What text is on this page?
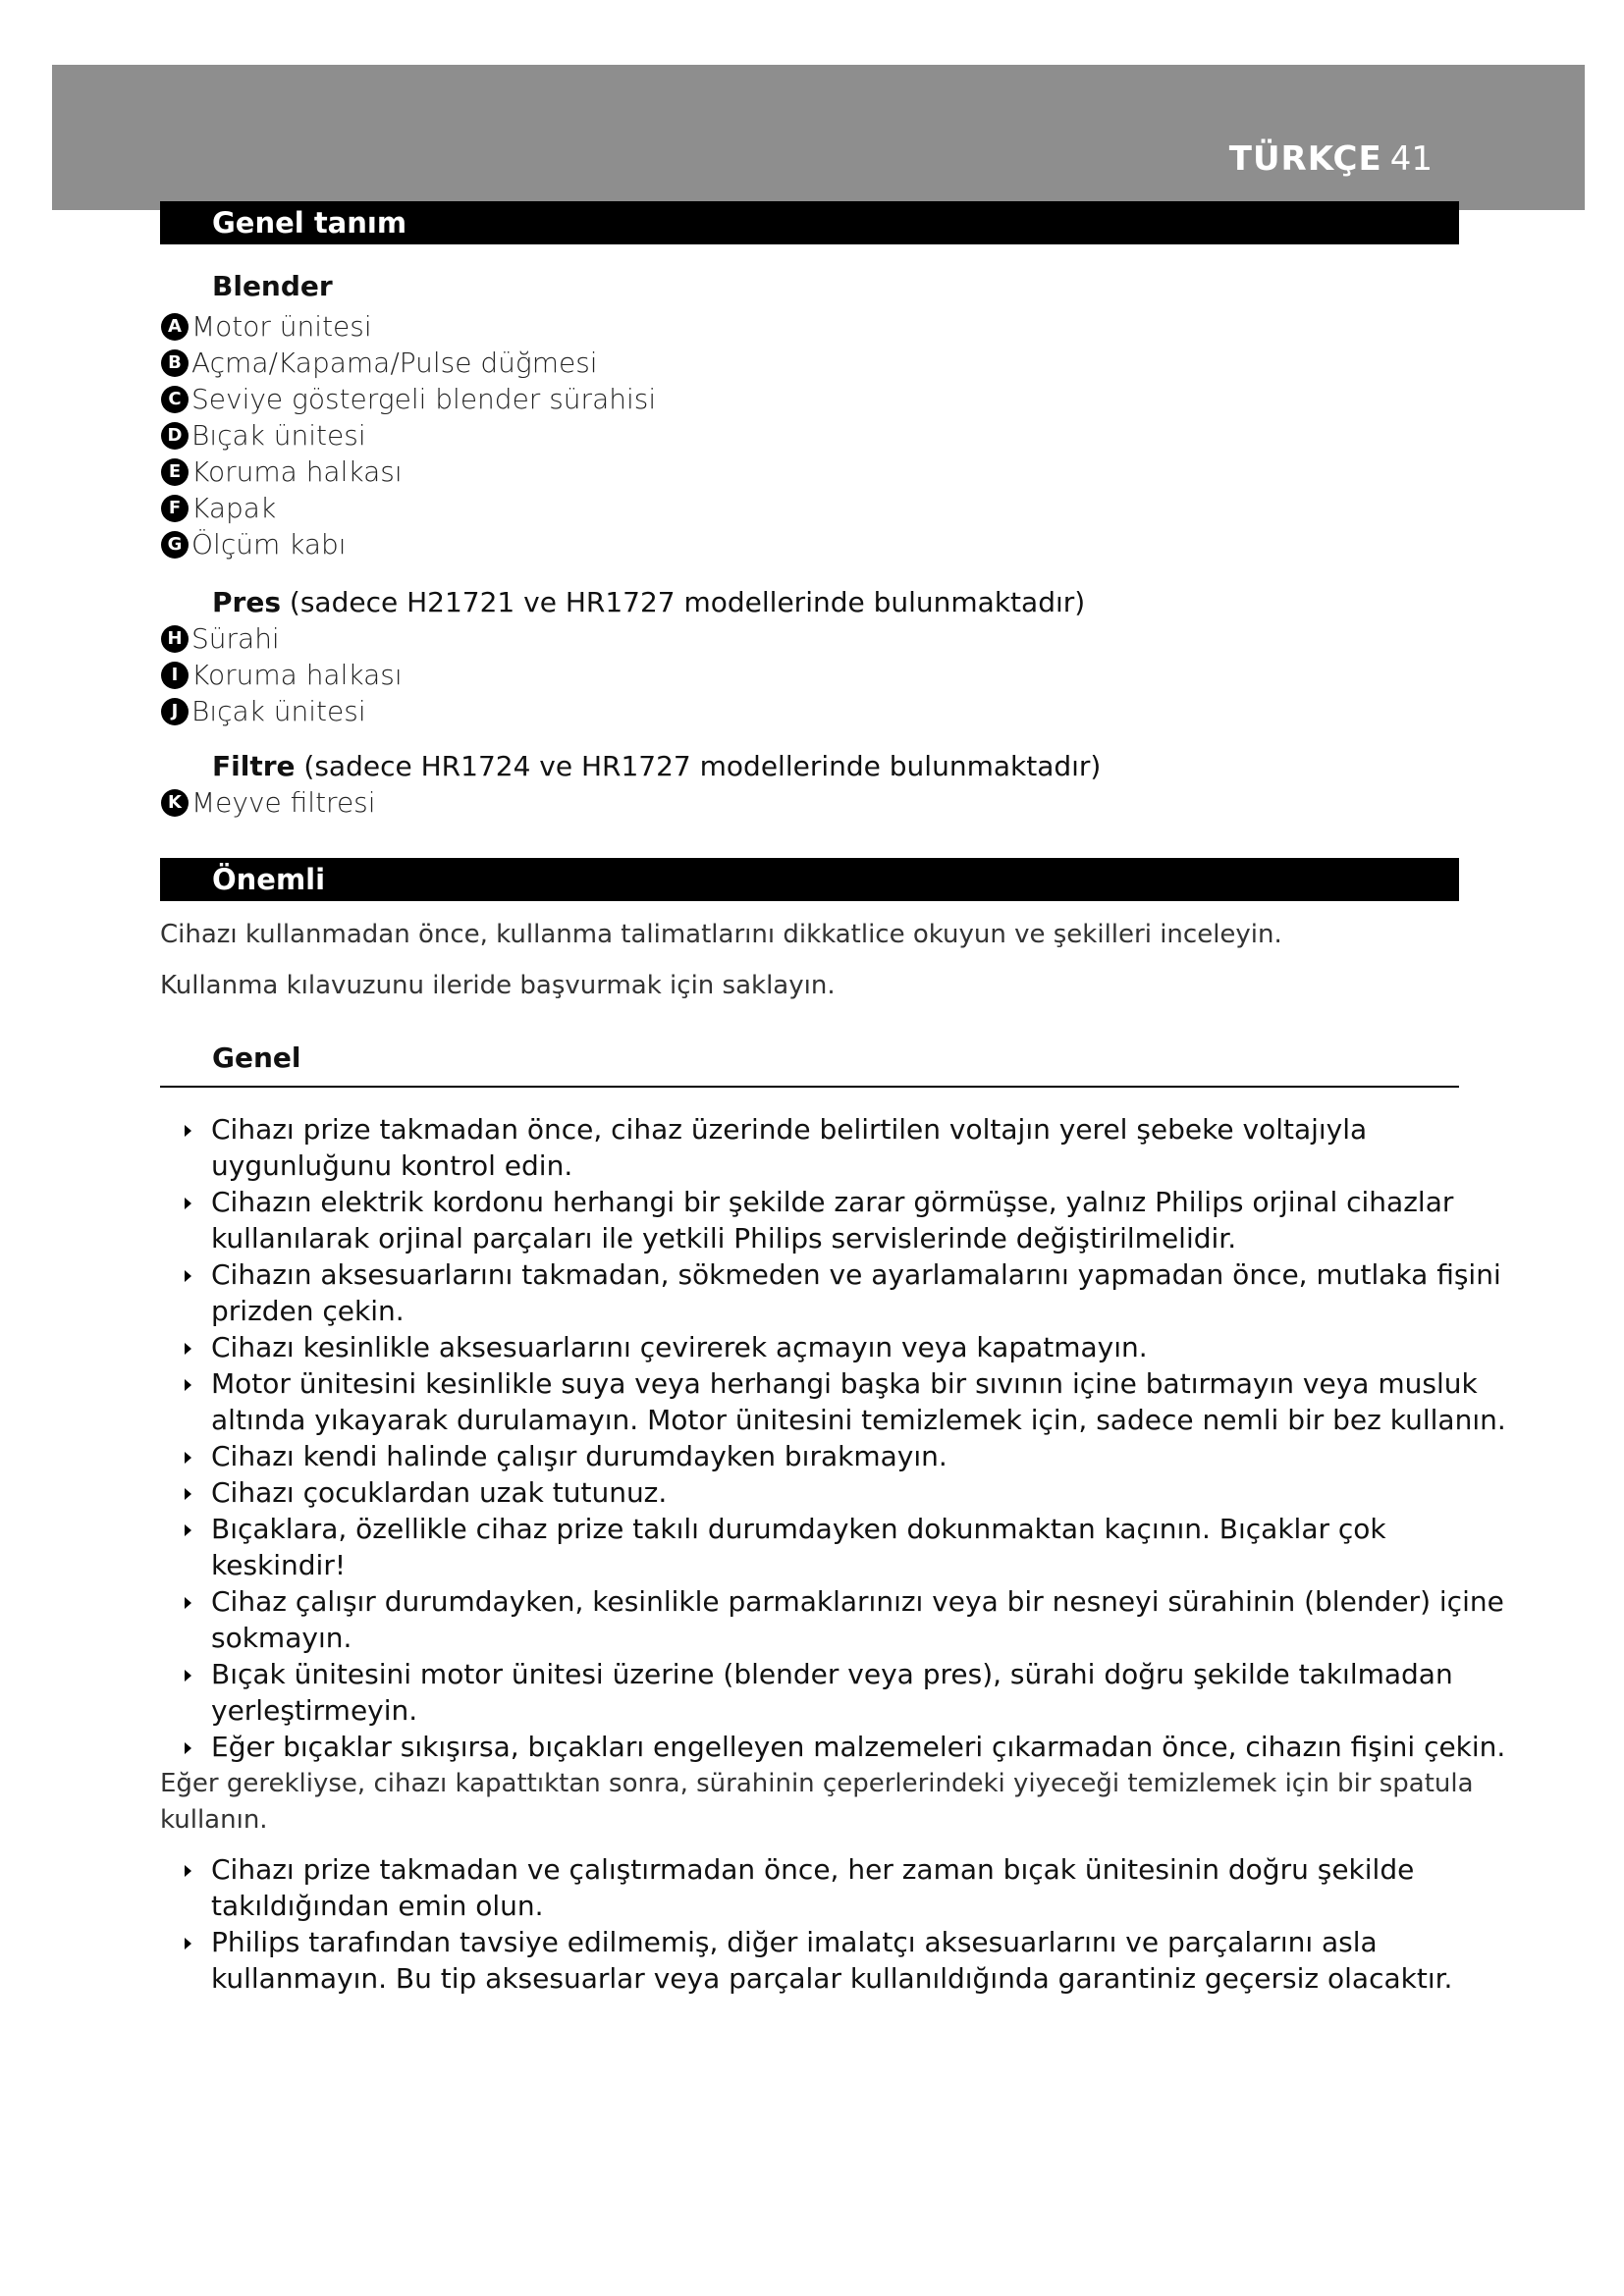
TÜRKÇE 41
Genel tanım
Blender
A Motor ünitesi
B Açma/Kapama/Pulse düğmesi
C Seviye göstergeli blender sürahisi
D Bıçak ünitesi
E Koruma halkası
F Kapak
G Ölçüm kabı
Pres (sadece H21721 ve HR1727 modellerinde bulunmaktadır)
H Sürahi
I Koruma halkası
J Bıçak ünitesi
Filtre (sadece HR1724 ve HR1727 modellerinde bulunmaktadır)
K Meyve filtresi
Önemli
Cihazı kullanmadan önce, kullanma talimatlarını dikkatlice okuyun ve şekilleri inceleyin.
Kullanma kılavuzunu ileride başvurmak için saklayın.
Genel

Cihazı prize takmadan önce, cihaz üzerinde belirtilen voltajın yerel şebeke voltajıyla uygunluğunu kontrol edin.

Cihazın elektrik kordonu herhangi bir şekilde zarar görmüşse, yalnız Philips orjinal cihazlar kullanılarak orjinal parçaları ile yetkili Philips servislerinde değiştirilmelidir.

Cihazın aksesuarlarını takmadan, sökmeden ve ayarlamalarını yapmadan önce, mutlaka fişini prizden çekin.

Cihazı kesinlikle aksesuarlarını çevirerek açmayın veya kapatmayın.

Motor ünitesini kesinlikle suya veya herhangi başka bir sıvının içine batırmayın veya musluk altında yıkayarak durulamayın. Motor ünitesini temizlemek için, sadece nemli bir bez kullanın.

Cihazı kendi halinde çalışır durumdayken bırakmayın.

Cihazı çocuklardan uzak tutunuz.

Bıçaklara, özellikle cihaz prize takılı durumdayken dokunmaktan kaçının. Bıçaklar çok keskindir!

Cihaz çalışır durumdayken, kesinlikle parmaklarınızı veya bir nesneyi sürahinin (blender) içine sokmayın.

Bıçak ünitesini motor ünitesi üzerine (blender veya pres), sürahi doğru şekilde takılmadan yerleştirmeyin.

Eğer bıçaklar sıkışırsa, bıçakları engelleyen malzemeleri çıkarmadan önce, cihazın fişini çekin.

Eğer gerekliyse, cihazı kapattıktan sonra, sürahinin çeperlerindeki yiyeceği temizlemek için bir spatula kullanın.

Cihazı prize takmadan ve çalıştırmadan önce, her zaman bıçak ünitesinin doğru şekilde takıldığından emin olun.

Philips tarafından tavsiye edilmemiş, diğer imalatçı aksesuarlarını ve parçalarını asla kullanmayın. Bu tip aksesuarlar veya parçalar kullanıldığında garantiniz geçersiz olacaktır.
